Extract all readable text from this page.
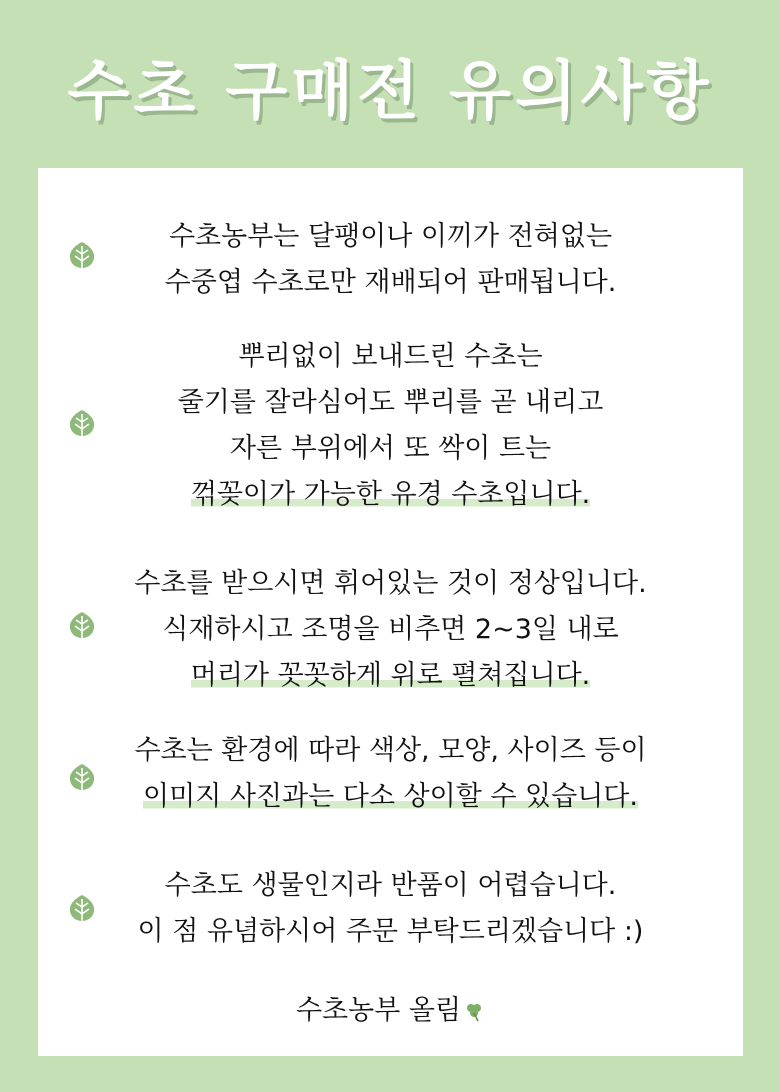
수초 구매전 유의사항
수초농부는 달팽이나 이끼가 전혀없는
수중엽 수초로만 재배되어 판매됩니다.
뿌리없이 보내드린 수초는
줄기를 잘라심어도 뿌리를 곧 내리고
자른 부위에서 또 싹이 트는
꺾꽂이가 가능한 유경 수초입니다.
수초를 받으시면 휘어있는 것이 정상입니다.
식재하시고 조명을 비추면 2~3일 내로
머리가 꼿꼿하게 위로 펼쳐집니다.
수초는 환경에 따라 색상, 모양, 사이즈 등이
이미지 사진과는 다소 상이할 수 있습니다.
수초도 생물인지라 반품이 어렵습니다.
이 점 유념하시어 주문 부탁드리겠습니다 :)
수초농부 올림
